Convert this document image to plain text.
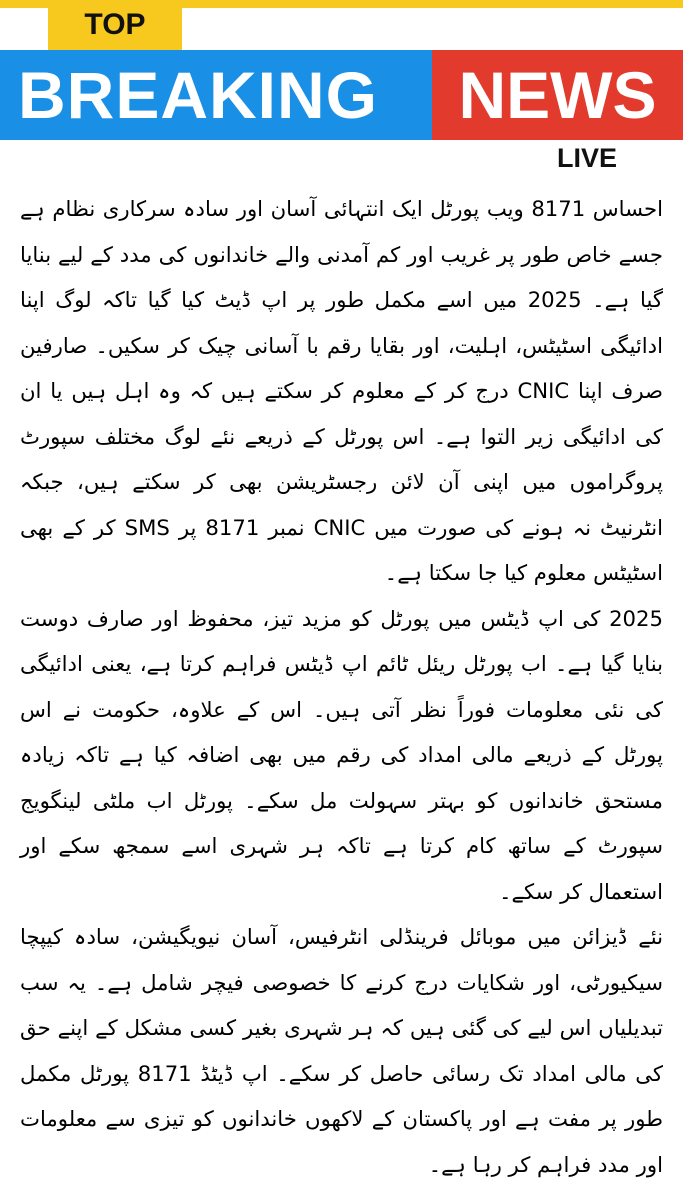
TOP
BREAKING	NEWS
LIVE

احساس 8171 ویب پورٹل ایک انتہائی آسان اور سادہ سرکاری نظام ہے جسے خاص طور پر غریب اور کم آمدنی والے خاندانوں کی مدد کے لیے بنایا گیا ہے۔ 2025 میں اسے مکمل طور پر اپ ڈیٹ کیا گیا تاکہ لوگ اپنا ادائیگی اسٹیٹس، اہلیت، اور بقایا رقم با آسانی چیک کر سکیں۔ صارفین صرف اپنا CNIC درج کر کے معلوم کر سکتے ہیں کہ وہ اہل ہیں یا ان کی ادائیگی زیر التوا ہے۔ اس پورٹل کے ذریعے نئے لوگ مختلف سپورٹ پروگراموں میں اپنی آن لائن رجسٹریشن بھی کر سکتے ہیں، جبکہ انٹرنیٹ نہ ہونے کی صورت میں CNIC نمبر 8171 پر SMS کر کے بھی اسٹیٹس معلوم کیا جا سکتا ہے۔

2025 کی اپ ڈیٹس میں پورٹل کو مزید تیز، محفوظ اور صارف دوست بنایا گیا ہے۔ اب پورٹل ریئل ٹائم اپ ڈیٹس فراہم کرتا ہے، یعنی ادائیگی کی نئی معلومات فوراً نظر آتی ہیں۔ اس کے علاوہ، حکومت نے اس پورٹل کے ذریعے مالی امداد کی رقم میں بھی اضافہ کیا ہے تاکہ زیادہ مستحق خاندانوں کو بہتر سہولت مل سکے۔ پورٹل اب ملٹی لینگویج سپورٹ کے ساتھ کام کرتا ہے تاکہ ہر شہری اسے سمجھ سکے اور استعمال کر سکے۔

نئے ڈیزائن میں موبائل فرینڈلی انٹرفیس، آسان نیویگیشن، سادہ کیپچا سیکیورٹی، اور شکایات درج کرنے کا خصوصی فیچر شامل ہے۔ یہ سب تبدیلیاں اس لیے کی گئی ہیں کہ ہر شہری بغیر کسی مشکل کے اپنے حق کی مالی امداد تک رسائی حاصل کر سکے۔ اپ ڈیٹڈ 8171 پورٹل مکمل طور پر مفت ہے اور پاکستان کے لاکھوں خاندانوں کو تیزی سے معلومات اور مدد فراہم کر رہا ہے۔
